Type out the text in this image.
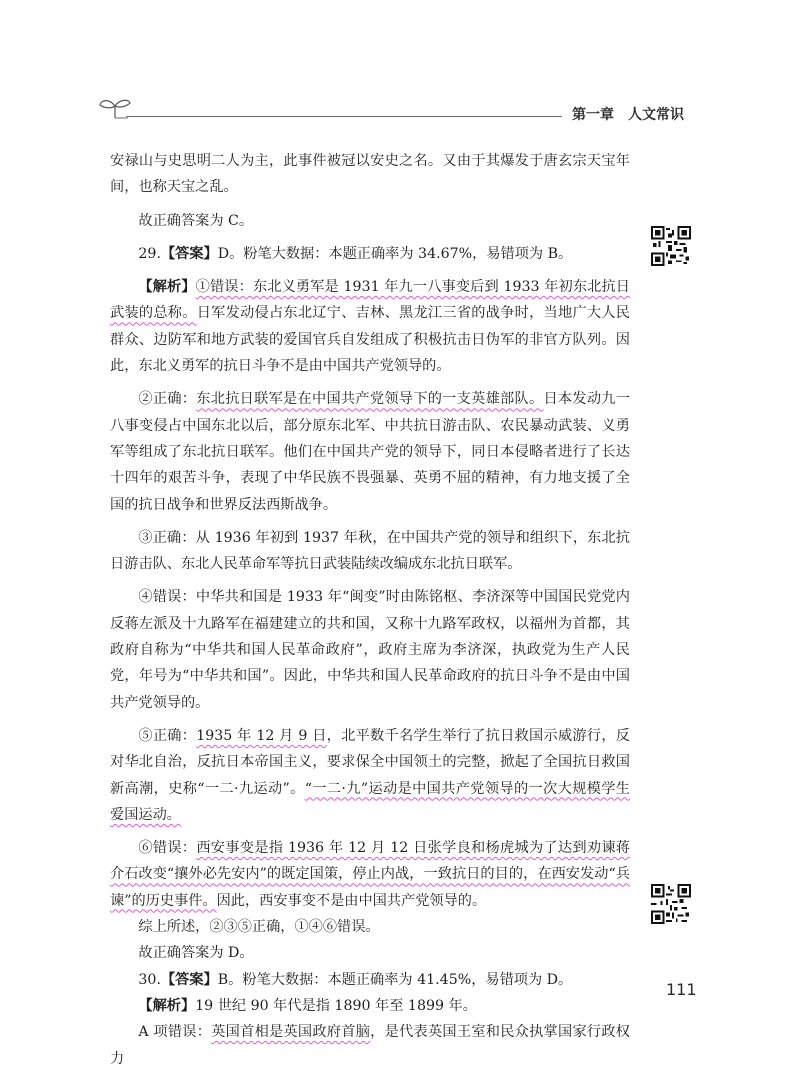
第一章 人文常识

安禄山与史思明二人为主，此事件被冠以安史之名。又由于其爆发于唐玄宗天宝年间，也称天宝之乱。

故正确答案为 C。

29.【答案】D。粉笔大数据：本题正确率为 34.67%，易错项为 B。

【解析】①错误：东北义勇军是 1931 年九一八事变后到 1933 年初东北抗日武装的总称。日军发动侵占东北辽宁、吉林、黑龙江三省的战争时，当地广大人民群众、边防军和地方武装的爱国官兵自发组成了积极抗击日伪军的非官方队列。因此，东北义勇军的抗日斗争不是由中国共产党领导的。

②正确：东北抗日联军是在中国共产党领导下的一支英雄部队。日本发动九一八事变侵占中国东北以后，部分原东北军、中共抗日游击队、农民暴动武装、义勇军等组成了东北抗日联军。他们在中国共产党的领导下，同日本侵略者进行了长达十四年的艰苦斗争，表现了中华民族不畏强暴、英勇不屈的精神，有力地支援了全国的抗日战争和世界反法西斯战争。

③正确：从 1936 年初到 1937 年秋，在中国共产党的领导和组织下，东北抗日游击队、东北人民革命军等抗日武装陆续改编成东北抗日联军。

④错误：中华共和国是 1933 年“闽变”时由陈铭枢、李济深等中国国民党党内反蒋左派及十九路军在福建建立的共和国，又称十九路军政权，以福州为首都，其政府自称为“中华共和国人民革命政府”，政府主席为李济深，执政党为生产人民党，年号为“中华共和国”。因此，中华共和国人民革命政府的抗日斗争不是由中国共产党领导的。

⑤正确：1935 年 12 月 9 日，北平数千名学生举行了抗日救国示威游行，反对华北自治，反抗日本帝国主义，要求保全中国领土的完整，掀起了全国抗日救国新高潮，史称“一二·九运动”。“一二·九”运动是中国共产党领导的一次大规模学生爱国运动。

⑥错误：西安事变是指 1936 年 12 月 12 日张学良和杨虎城为了达到劝谏蒋介石改变“攘外必先安内”的既定国策，停止内战，一致抗日的目的，在西安发动“兵谏”的历史事件。因此，西安事变不是由中国共产党领导的。

综上所述，②③⑤正确，①④⑥错误。

故正确答案为 D。

30.【答案】B。粉笔大数据：本题正确率为 41.45%，易错项为 D。

【解析】19 世纪 90 年代是指 1890 年至 1899 年。

A 项错误：英国首相是英国政府首脑，是代表英国王室和民众执掌国家行政权力

111
